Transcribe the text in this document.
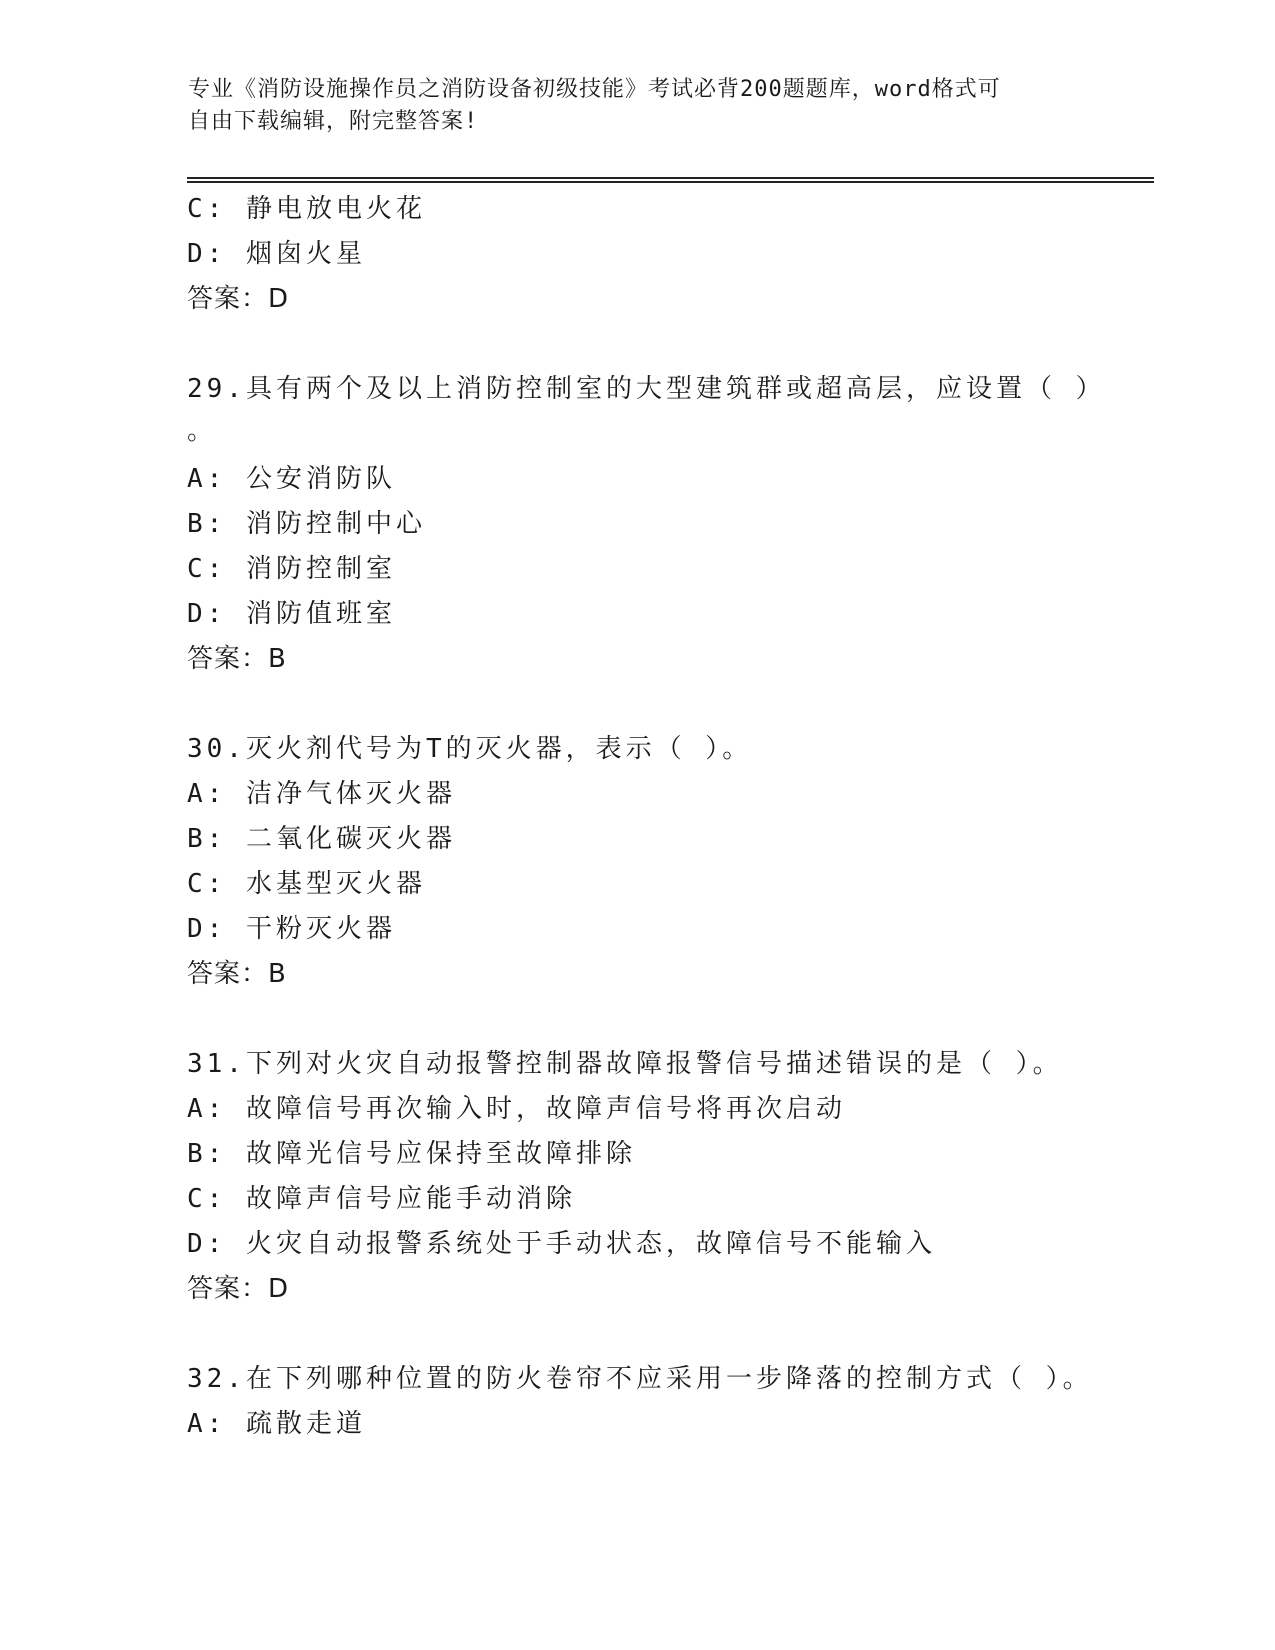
专业《消防设施操作员之消防设备初级技能》考试必背200题题库，word格式可
自由下载编辑，附完整答案!
C: 静电放电火花
D: 烟囱火星
答案：D
29.具有两个及以上消防控制室的大型建筑群或超高层，应设置（ ）
。
A: 公安消防队
B: 消防控制中心
C: 消防控制室
D: 消防值班室
答案：B
30.灭火剂代号为T的灭火器，表示（ ）。
A: 洁净气体灭火器
B: 二氧化碳灭火器
C: 水基型灭火器
D: 干粉灭火器
答案：B
31.下列对火灾自动报警控制器故障报警信号描述错误的是（ ）。
A: 故障信号再次输入时，故障声信号将再次启动
B: 故障光信号应保持至故障排除
C: 故障声信号应能手动消除
D: 火灾自动报警系统处于手动状态，故障信号不能输入
答案：D
32.在下列哪种位置的防火卷帘不应采用一步降落的控制方式（ ）。
A: 疏散走道
